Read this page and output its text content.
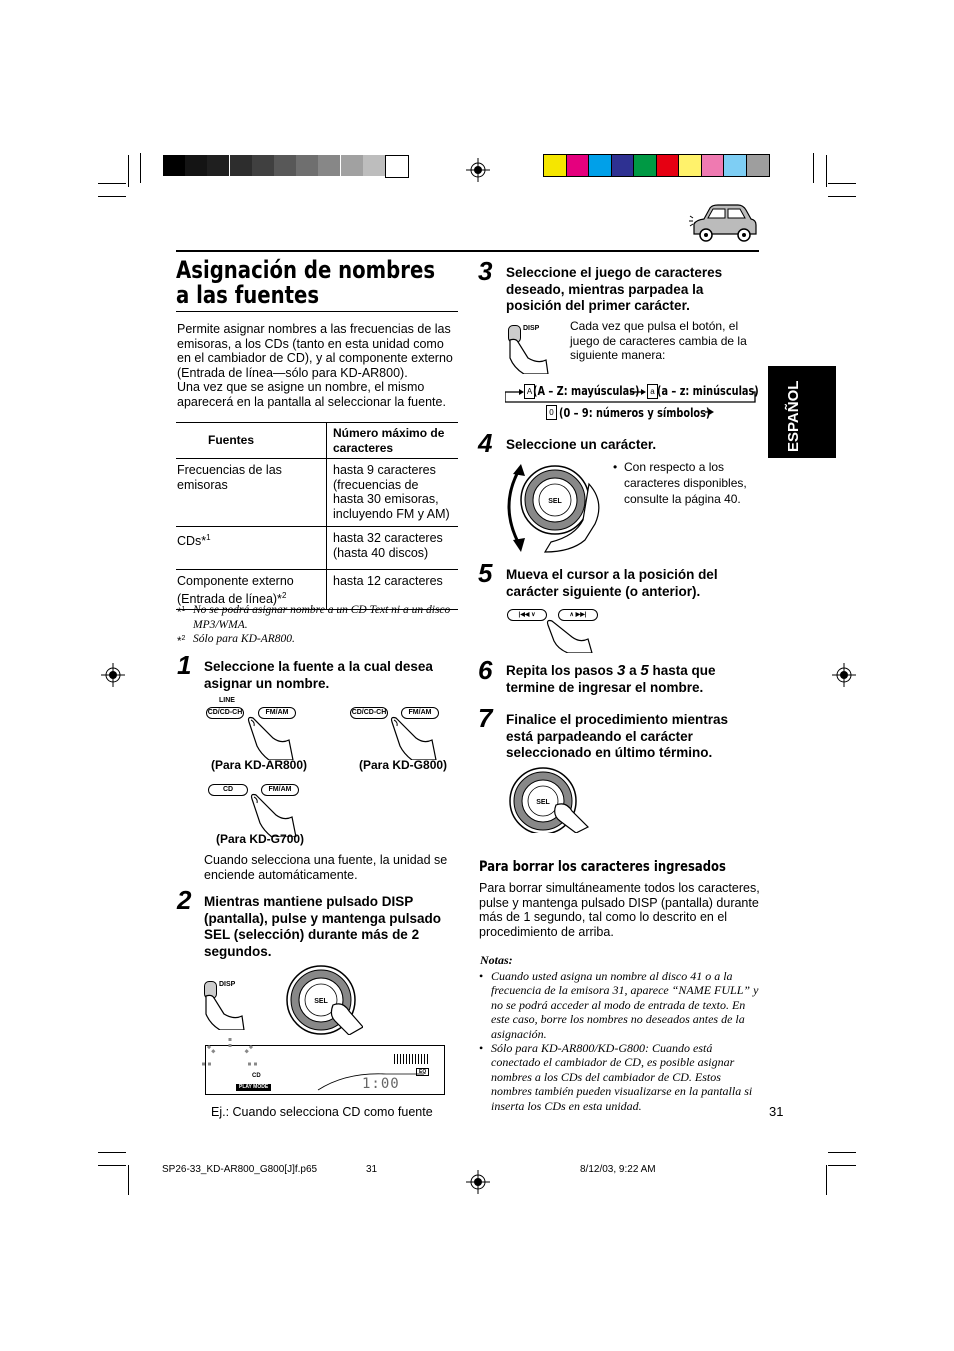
Asignación de nombres a las fuentes
Permite asignar nombres a las frecuencias de las emisoras, a los CDs (tanto en esta unidad como en el cambiador de CD), y al componente externo (Entrada de línea—sólo para KD-AR800).
Una vez que se asigne un nombre, el mismo aparecerá en la pantalla al seleccionar la fuente.
Fuentes	Número máximo de caracteres
Frecuencias de las emisoras	hasta 9 caracteres (frecuencias de hasta 30 emisoras, incluyendo FM y AM)
CDs*$^1$	hasta 32 caracteres (hasta 40 discos)
Componente externo (Entrada de línea)*$^2$	hasta 12 caracteres
*$^1$ No se podrá asignar nombre a un CD Text ni a un disco MP3/WMA.
*$^2$ Sólo para KD-AR800.
1 Seleccione la fuente a la cual desea asignar un nombre.
LINE
CD/CD-CH	FM/AM	CD/CD-CH	FM/AM
(Para KD-AR800)	(Para KD-G800)
CD	FM/AM
(Para KD-G700)
Cuando selecciona una fuente, la unidad se enciende automáticamente.
2 Mientras mantiene pulsado DISP (pantalla), pulse y mantenga pulsado SEL (selección) durante más de 2 segundos.
DISP
SEL
CD
PLAY MODE
EQ
1:00
Ej.: Cuando selecciona CD como fuente
3 Seleccione el juego de caracteres deseado, mientras parpadea la posición del primer carácter.
DISP	Cada vez que pulsa el botón, el juego de caracteres cambia de la siguiente manera:
A (A – Z: mayúsculas)	a (a – z: minúsculas)
0 (0 – 9: números y símbolos)
4 Seleccione un carácter.
SEL
• Con respecto a los caracteres disponibles, consulte la página 40.
5 Mueva el cursor a la posición del carácter siguiente (o anterior).
|◀◀ ∨	∧ ▶▶|
6 Repita los pasos 3 a 5 hasta que termine de ingresar el nombre.
7 Finalice el procedimiento mientras está parpadeando el carácter seleccionado en último término.
SEL
Para borrar los caracteres ingresados
Para borrar simultáneamente todos los caracteres, pulse y mantenga pulsado DISP (pantalla) durante más de 1 segundo, tal como lo descrito en el procedimiento de arriba.
Notas:
• Cuando usted asigna un nombre al disco 41 o a la frecuencia de la emisora 31, aparece “NAME FULL” y no se podrá acceder al modo de entrada de texto. En este caso, borre los nombres no deseados antes de la asignación.
• Sólo para KD-AR800/KD-G800: Cuando está conectado el cambiador de CD, es posible asignar nombres a los CDs del cambiador de CD. Estos nombres también pueden visualizarse en la pantalla si inserta los CDs en esta unidad.
ESPAÑOL
31
SP26-33_KD-AR800_G800[J]f.p65	31	8/12/03, 9:22 AM
